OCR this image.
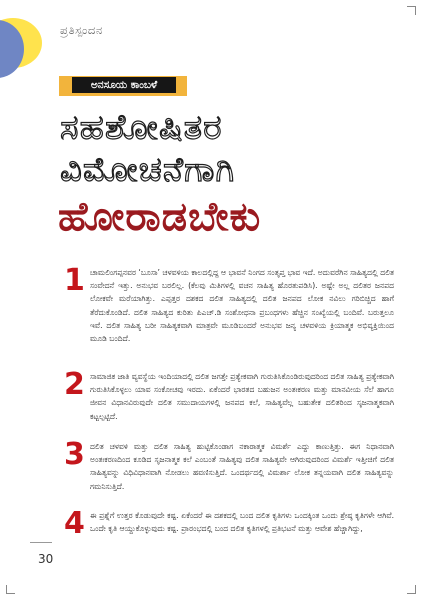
ಪ್ರತಿಸ್ಪಂದನ
ಅನಸೂಯ ಕಾಂಬಳೆ
ಸಹಶೋಷಿತರ
ವಿಮೋಚನೆಗಾಗಿ
ಹೋರಾಡಬೇಕು
1 ಚಾಮಲಿಂಗಪ್ಪನವರ ‘ಬೂಸಾ’ ಚಳವಳಿಯ ಕಾಲದಲ್ಲಿದ್ದ ಆ ಭಾವನೆ ನಿಂಗದ ಸಂತೃಪ್ತ ಭಾವ ಇದೆ. ಅದುವರೆಗಿನ ಸಾಹಿತ್ಯದಲ್ಲಿ ದಲಿತ ಸಂವೇದನೆ ಇತ್ತು. ಅನುಭವ ಬರಲಿಲ್ಲ. (ಕೆಲವು ಮಿತಿಗಳಲ್ಲಿ ವಚನ ಸಾಹಿತ್ಯ ಹೊರತುಪಡಿಸಿ). ಅಷ್ಟೇ ಅಲ್ಲ ದಲಿತರ ಜನಪದ ಲೋಕವೇ ಮರೆಯಾಗಿತ್ತು. ಎಪ್ಪತ್ತರ ದಶಕದ ದಲಿತ ಸಾಹಿತ್ಯದಲ್ಲಿ ದಲಿತ ಜನಪದ ಲೋಕ ನವಿಲು ಗರಿಬಿಚ್ಚಿದ ಹಾಗೆ ತೆರೆದುಕೊಂಡಿದೆ. ದಲಿತ ಸಾಹಿತ್ಯದ ಕುರಿತು ಪಿಎಚ್‌.ಡಿ ಸಂಶೋಧನಾ ಪ್ರಬಂಧಗಳು ಹೆಚ್ಚಿನ ಸಂಖ್ಯೆಯಲ್ಲಿ ಬಂದಿವೆ. ಬರುತ್ತಲೂ ಇವೆ. ದಲಿತ ಸಾಹಿತ್ಯ ಬರೀ ಸಾಹಿತ್ಯಕವಾಗಿ ಮಾತ್ರವೇ ಮೂಡಿಬಂದರೆ ಅನುಭವ ಜನ್ಯ ಚಳವಳಿಯ ಕ್ರಿಯಾತ್ಮಕ ಅಭಿವ್ಯಕ್ತಿಯಿಂದ ಮೂಡಿ ಬಂದಿದೆ.
2 ಸಾಮಾಜಿಕ ಜಾತಿ ವ್ಯವಸ್ಥೆಯ ಇಂದಿಯಾದಲ್ಲಿ ದಲಿತ ಜಗತ್ತೇ ಪ್ರತ್ಯೇಕವಾಗಿ ಗುರುತಿಸಿಕೊಂಡಿರುವುದರಿಂದ ದಲಿತ ಸಾಹಿತ್ಯ ಪ್ರತ್ಯೇಕವಾಗಿ ಗುರುತಿಸಿಕೊಳ್ಳಲು ಯಾವ ಸಂಕೋಚವು ಇರದು. ಏಕೆಂದರೆ ಭಾರತದ ಬಹುಜನ ಅಂತಃಕರಣ ಮತ್ತು ಮಾನವೀಯ ಸೆಲೆ ಹಾಗೂ ಜೀವನ ವಿಧಾನವಿರುವುದೇ ದಲಿತ ಸಮುದಾಯಗಳಲ್ಲಿ ಜನಪದ ಕಲೆ, ಸಾಹಿತ್ಯವೆಲ್ಲ ಬಹುತೇಕ ದಲಿತರಿಂದ ಸೃಜನಾತ್ಮಕವಾಗಿ ಕಟ್ಟಲ್ಪಟ್ಟಿದೆ.
3 ದಲಿತ ಚಳವಳಿ ಮತ್ತು ದಲಿತ ಸಾಹಿತ್ಯ ಹುಟ್ಟಿಕೊಂಡಾಗ ನಕಾರಾತ್ಮಕ ವಿಮರ್ಶೆ ಎದ್ದು ಕಾಣುತ್ತಿತ್ತು. ಈಗ ನಿಧಾನವಾಗಿ ಅಂತಃಕರಣದಿಂದ ಕೂಡಿದ ಸೃಜನಾತ್ಮಕ ಕಲೆ ಎಂಬಂತೆ ಸಾಹಿತ್ಯವು ದಲಿತ ಸಾಹಿತ್ಯವೇ ಆಗಿರುವುದರಿಂದ ವಿಮರ್ಶೆ ಇತ್ತೀಚಿಗೆ ದಲಿತ ಸಾಹಿತ್ಯವನ್ನು ವಿಧಿವಿಧಾನವಾಗಿ ನೋಡಲು ಹವಣಿಸುತ್ತಿದೆ. ಒಂದರ್ಥದಲ್ಲಿ ವಿಮರ್ಶಾ ಲೋಕ ತನ್ನಯವಾಗಿ ದಲಿತ ಸಾಹಿತ್ಯವನ್ನು ಗಮನಿಸುತ್ತಿದೆ.
4 ಈ ಪ್ರಶ್ನೆಗೆ ಉತ್ತರ ಕೊಡುವುದೇ ಕಷ್ಟ. ಏಕೆಂದರೆ ಈ ದಶಕದಲ್ಲಿ ಬಂದ ದಲಿತ ಕೃತಿಗಳು ಒಂದಕ್ಕಿಂತ ಒಂದು ಶ್ರೇಷ್ಠ ಕೃತಿಗಳೇ ಆಗಿವೆ. ಒಂದೇ ಕೃತಿ ಆಯ್ದುಕೊಳ್ಳುವುದು ಕಷ್ಟ. ಪ್ರಾರಂಭದಲ್ಲಿ ಬಂದ ದಲಿತ ಕೃತಿಗಳಲ್ಲಿ ಪ್ರತಿಭಟನೆ ಮತ್ತು ಆವೇಶ ಹೆಚ್ಚಾಗಿದ್ದು,
30
